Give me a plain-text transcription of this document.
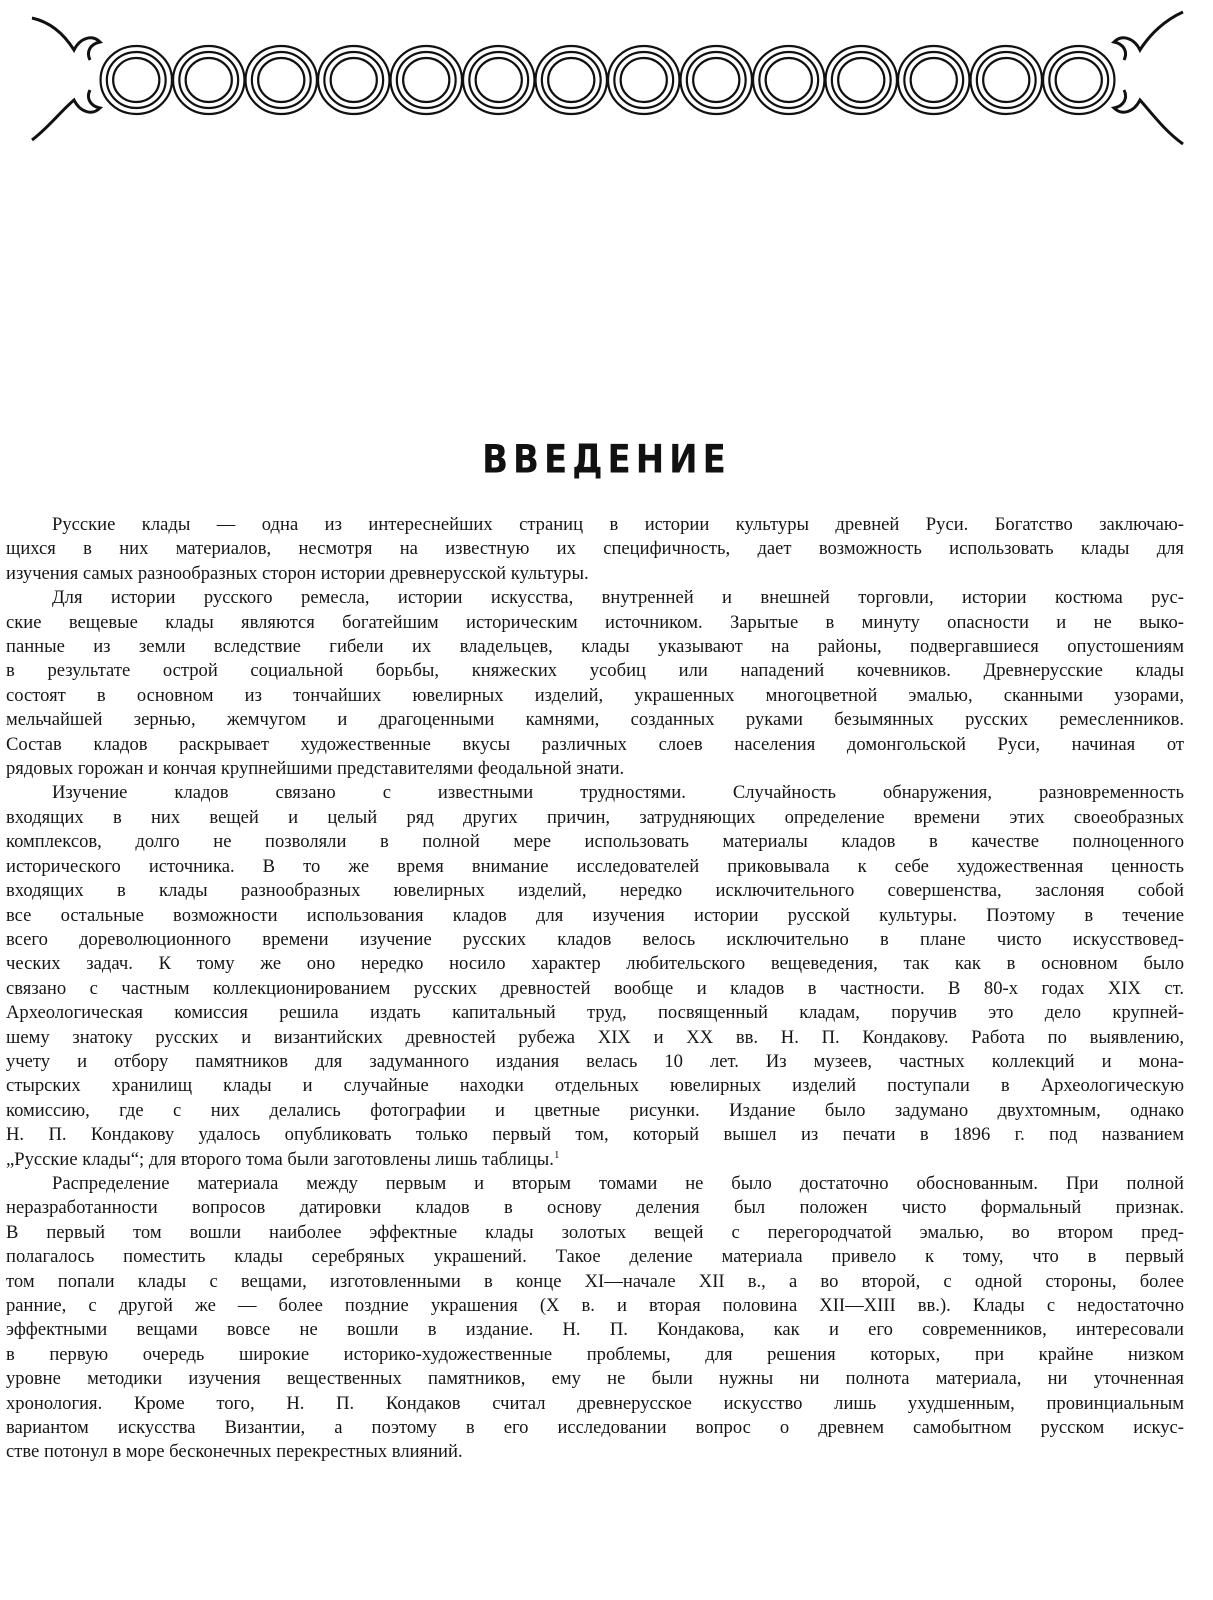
ВВЕДЕНИЕ

Русские клады — одна из интереснейших страниц в истории культуры древней Руси. Богатство заключаю-

щихся в них материалов, несмотря на известную их специфичность, дает возможность использовать клады для

изучения самых разнообразных сторон истории древнерусской культуры.

Для истории русского ремесла, истории искусства, внутренней и внешней торговли, истории костюма рус-

ские вещевые клады являются богатейшим историческим источником. Зарытые в минуту опасности и не выко-

панные из земли вследствие гибели их владельцев, клады указывают на районы, подвергавшиеся опустошениям

в результате острой социальной борьбы, княжеских усобиц или нападений кочевников. Древнерусские клады

состоят в основном из тончайших ювелирных изделий, украшенных многоцветной эмалью, сканными узорами,

мельчайшей зернью, жемчугом и драгоценными камнями, созданных руками безымянных русских ремесленников.

Состав кладов раскрывает художественные вкусы различных слоев населения домонгольской Руси, начиная от

рядовых горожан и кончая крупнейшими представителями феодальной знати.

Изучение кладов связано с известными трудностями. Случайность обнаружения, разновременность

входящих в них вещей и целый ряд других причин, затрудняющих определение времени этих своеобразных

комплексов, долго не позволяли в полной мере использовать материалы кладов в качестве полноценного

исторического источника. В то же время внимание исследователей приковывала к себе художественная ценность

входящих в клады разнообразных ювелирных изделий, нередко исключительного совершенства, заслоняя собой

все остальные возможности использования кладов для изучения истории русской культуры. Поэтому в течение

всего дореволюционного времени изучение русских кладов велось исключительно в плане чисто искусствовед-

ческих задач. К тому же оно нередко носило характер любительского вещеведения, так как в основном было

связано с частным коллекционированием русских древностей вообще и кладов в частности. В 80-х годах XIX ст.

Археологическая комиссия решила издать капитальный труд, посвященный кладам, поручив это дело крупней-

шему знатоку русских и византийских древностей рубежа XIX и XX вв. Н. П. Кондакову. Работа по выявлению,

учету и отбору памятников для задуманного издания велась 10 лет. Из музеев, частных коллекций и мона-

стырских хранилищ клады и случайные находки отдельных ювелирных изделий поступали в Археологическую

комиссию, где с них делались фотографии и цветные рисунки. Издание было задумано двухтомным, однако

Н. П. Кондакову удалось опубликовать только первый том, который вышел из печати в 1896 г. под названием

„Русские клады“; для второго тома были заготовлены лишь таблицы.$^1$

Распределение материала между первым и вторым томами не было достаточно обоснованным. При полной

неразработанности вопросов датировки кладов в основу деления был положен чисто формальный признак.

В первый том вошли наиболее эффектные клады золотых вещей с перегородчатой эмалью, во втором пред-

полагалось поместить клады серебряных украшений. Такое деление материала привело к тому, что в первый

том попали клады с вещами, изготовленными в конце XI—начале XII в., а во второй, с одной стороны, более

ранние, с другой же — более поздние украшения (X в. и вторая половина XII—XIII вв.). Клады с недостаточно

эффектными вещами вовсе не вошли в издание. Н. П. Кондакова, как и его современников, интересовали

в первую очередь широкие историко-художественные проблемы, для решения которых, при крайне низком

уровне методики изучения вещественных памятников, ему не были нужны ни полнота материала, ни уточненная

хронология. Кроме того, Н. П. Кондаков считал древнерусское искусство лишь ухудшенным, провинциальным

вариантом искусства Византии, а поэтому в его исследовании вопрос о древнем самобытном русском искус-

стве потонул в море бесконечных перекрестных влияний.
